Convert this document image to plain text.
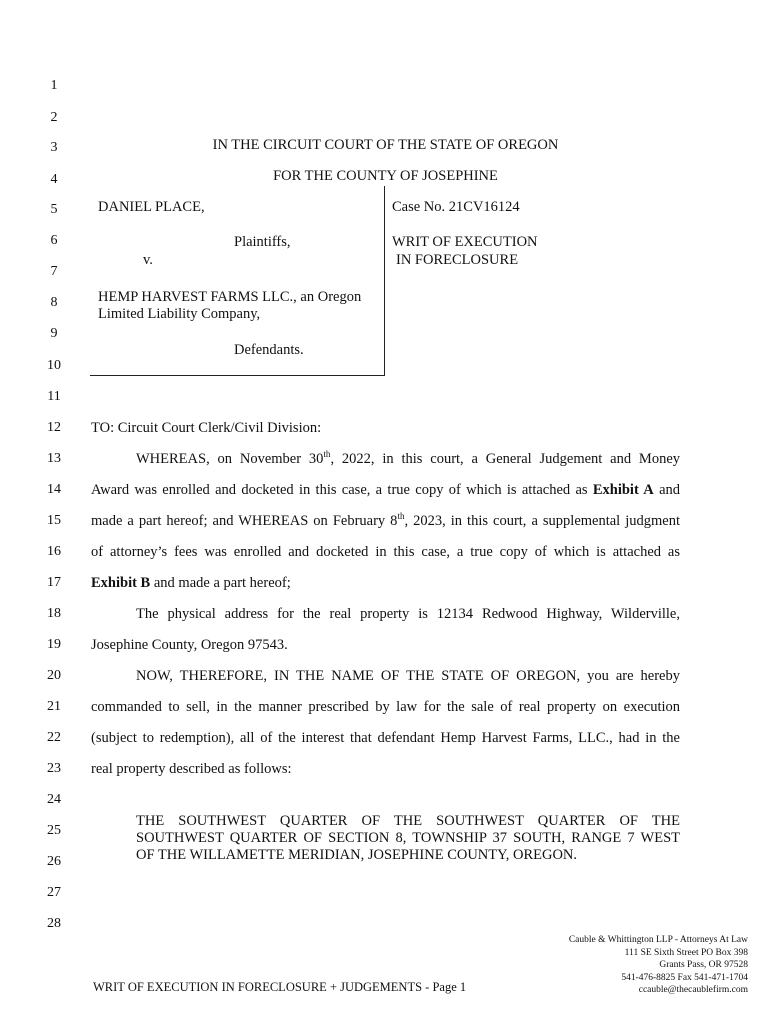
1
2
3
4
5
6
7
8
9
10
11
12
13
14
15
16
17
18
19
20
21
22
23
24
25
26
27
28
IN THE CIRCUIT COURT OF THE STATE OF OREGON
FOR THE COUNTY OF JOSEPHINE
DANIEL PLACE,
Plaintiffs,
v.
HEMP HARVEST FARMS LLC., an Oregon
Limited Liability Company,
Defendants.
Case No. 21CV16124
WRIT OF EXECUTION
IN FORECLOSURE
TO: Circuit Court Clerk/Civil Division:
WHEREAS, on November 30th, 2022, in this court, a General Judgement and Money
Award was enrolled and docketed in this case, a true copy of which is attached as Exhibit A and
made a part hereof; and WHEREAS on February 8th, 2023, in this court, a supplemental judgment
of attorney’s fees was enrolled and docketed in this case, a true copy of which is attached as
Exhibit B and made a part hereof;
The physical address for the real property is 12134 Redwood Highway, Wilderville,
Josephine County, Oregon 97543.
NOW, THEREFORE, IN THE NAME OF THE STATE OF OREGON, you are hereby
commanded to sell, in the manner prescribed by law for the sale of real property on execution
(subject to redemption), all of the interest that defendant Hemp Harvest Farms, LLC., had in the
real property described as follows:
THE SOUTHWEST QUARTER OF THE SOUTHWEST QUARTER OF THE
SOUTHWEST QUARTER OF SECTION 8, TOWNSHIP 37 SOUTH, RANGE 7 WEST
OF THE WILLAMETTE MERIDIAN, JOSEPHINE COUNTY, OREGON.
Cauble & Whittington LLP - Attorneys At Law
111 SE Sixth Street PO Box 398
Grants Pass, OR 97528
541-476-8825 Fax 541-471-1704
ccauble@thecaublefirm.com
WRIT OF EXECUTION IN FORECLOSURE + JUDGEMENTS - Page 1
